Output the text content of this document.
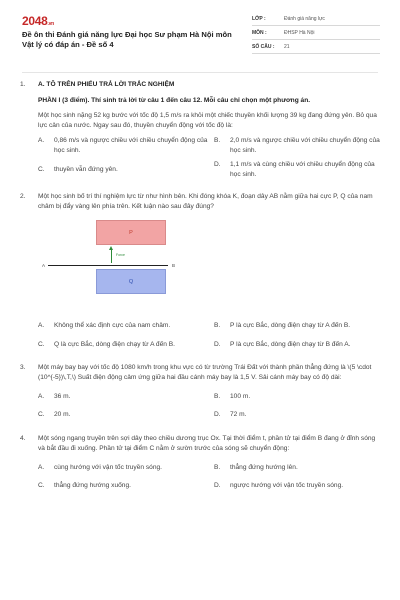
2048.vn
Đề ôn thi Đánh giá năng lực Đại học Sư phạm Hà Nội môn Vật lý có đáp án - Đề số 4
LỚP :	Đánh giá năng lực
MÔN :	ĐHSP Hà Nội
SỐ CÂU : 21
1. A. TÔ TRÊN PHIẾU TRẢ LỜI TRẮC NGHIỆM
PHẦN I (3 điểm). Thí sinh trả lời từ câu 1 đến câu 12. Mỗi câu chỉ chọn một phương án.
Một học sinh nặng 52 kg bước với tốc độ 1,5 m/s ra khỏi một chiếc thuyền khối lượng 39 kg đang đứng yên. Bỏ qua lực cản của nước. Ngay sau đó, thuyền chuyển động với tốc độ là:
A. 0,86 m/s và ngược chiều với chiều chuyển động của học sinh.
B. 2,0 m/s và ngược chiều với chiều chuyển động của học sinh.
C. thuyền vẫn đứng yên.
D. 1,1 m/s và cùng chiều với chiều chuyển động của học sinh.
2. Một học sinh bố trí thí nghiệm lực từ như hình bên. Khi đóng khóa K, đoạn dây AB nằm giữa hai cực P, Q của nam châm bị đẩy vàng lên phía trên. Kết luận nào sau đây đúng?
P
Force
A	B
Q
A. Không thể xác định cực của nam châm.	B. P là cực Bắc, dòng điện chạy từ A đến B.
C. Q là cực Bắc, dòng điện chạy từ A đến B.	D. P là cực Bắc, dòng điện chạy từ B đến A.
3. Một máy bay bay với tốc độ 1080 km/h trong khu vực có từ trường Trái Đất với thành phần thẳng đứng là \(5 \cdot (10^{-5})\,T,\) Suất điện động cảm ứng giữa hai đầu cánh máy bay là 1,5 V. Sải cánh máy bay có độ dài:
A. 36 m.	B. 100 m.
C. 20 m.	D. 72 m.
4. Một sóng ngang truyền trên sợi dây theo chiều dương trục Ox. Tại thời điểm t, phần tử tại điểm B đang ở đỉnh sóng và bắt đầu đi xuống. Phần tử tại điểm C nằm ở sườn trước của sóng sẽ chuyển động:
A. cùng hướng với vận tốc truyền sóng.	B. thẳng đứng hướng lên.
C. thẳng đứng hướng xuống.	D. ngược hướng với vận tốc truyền sóng.
